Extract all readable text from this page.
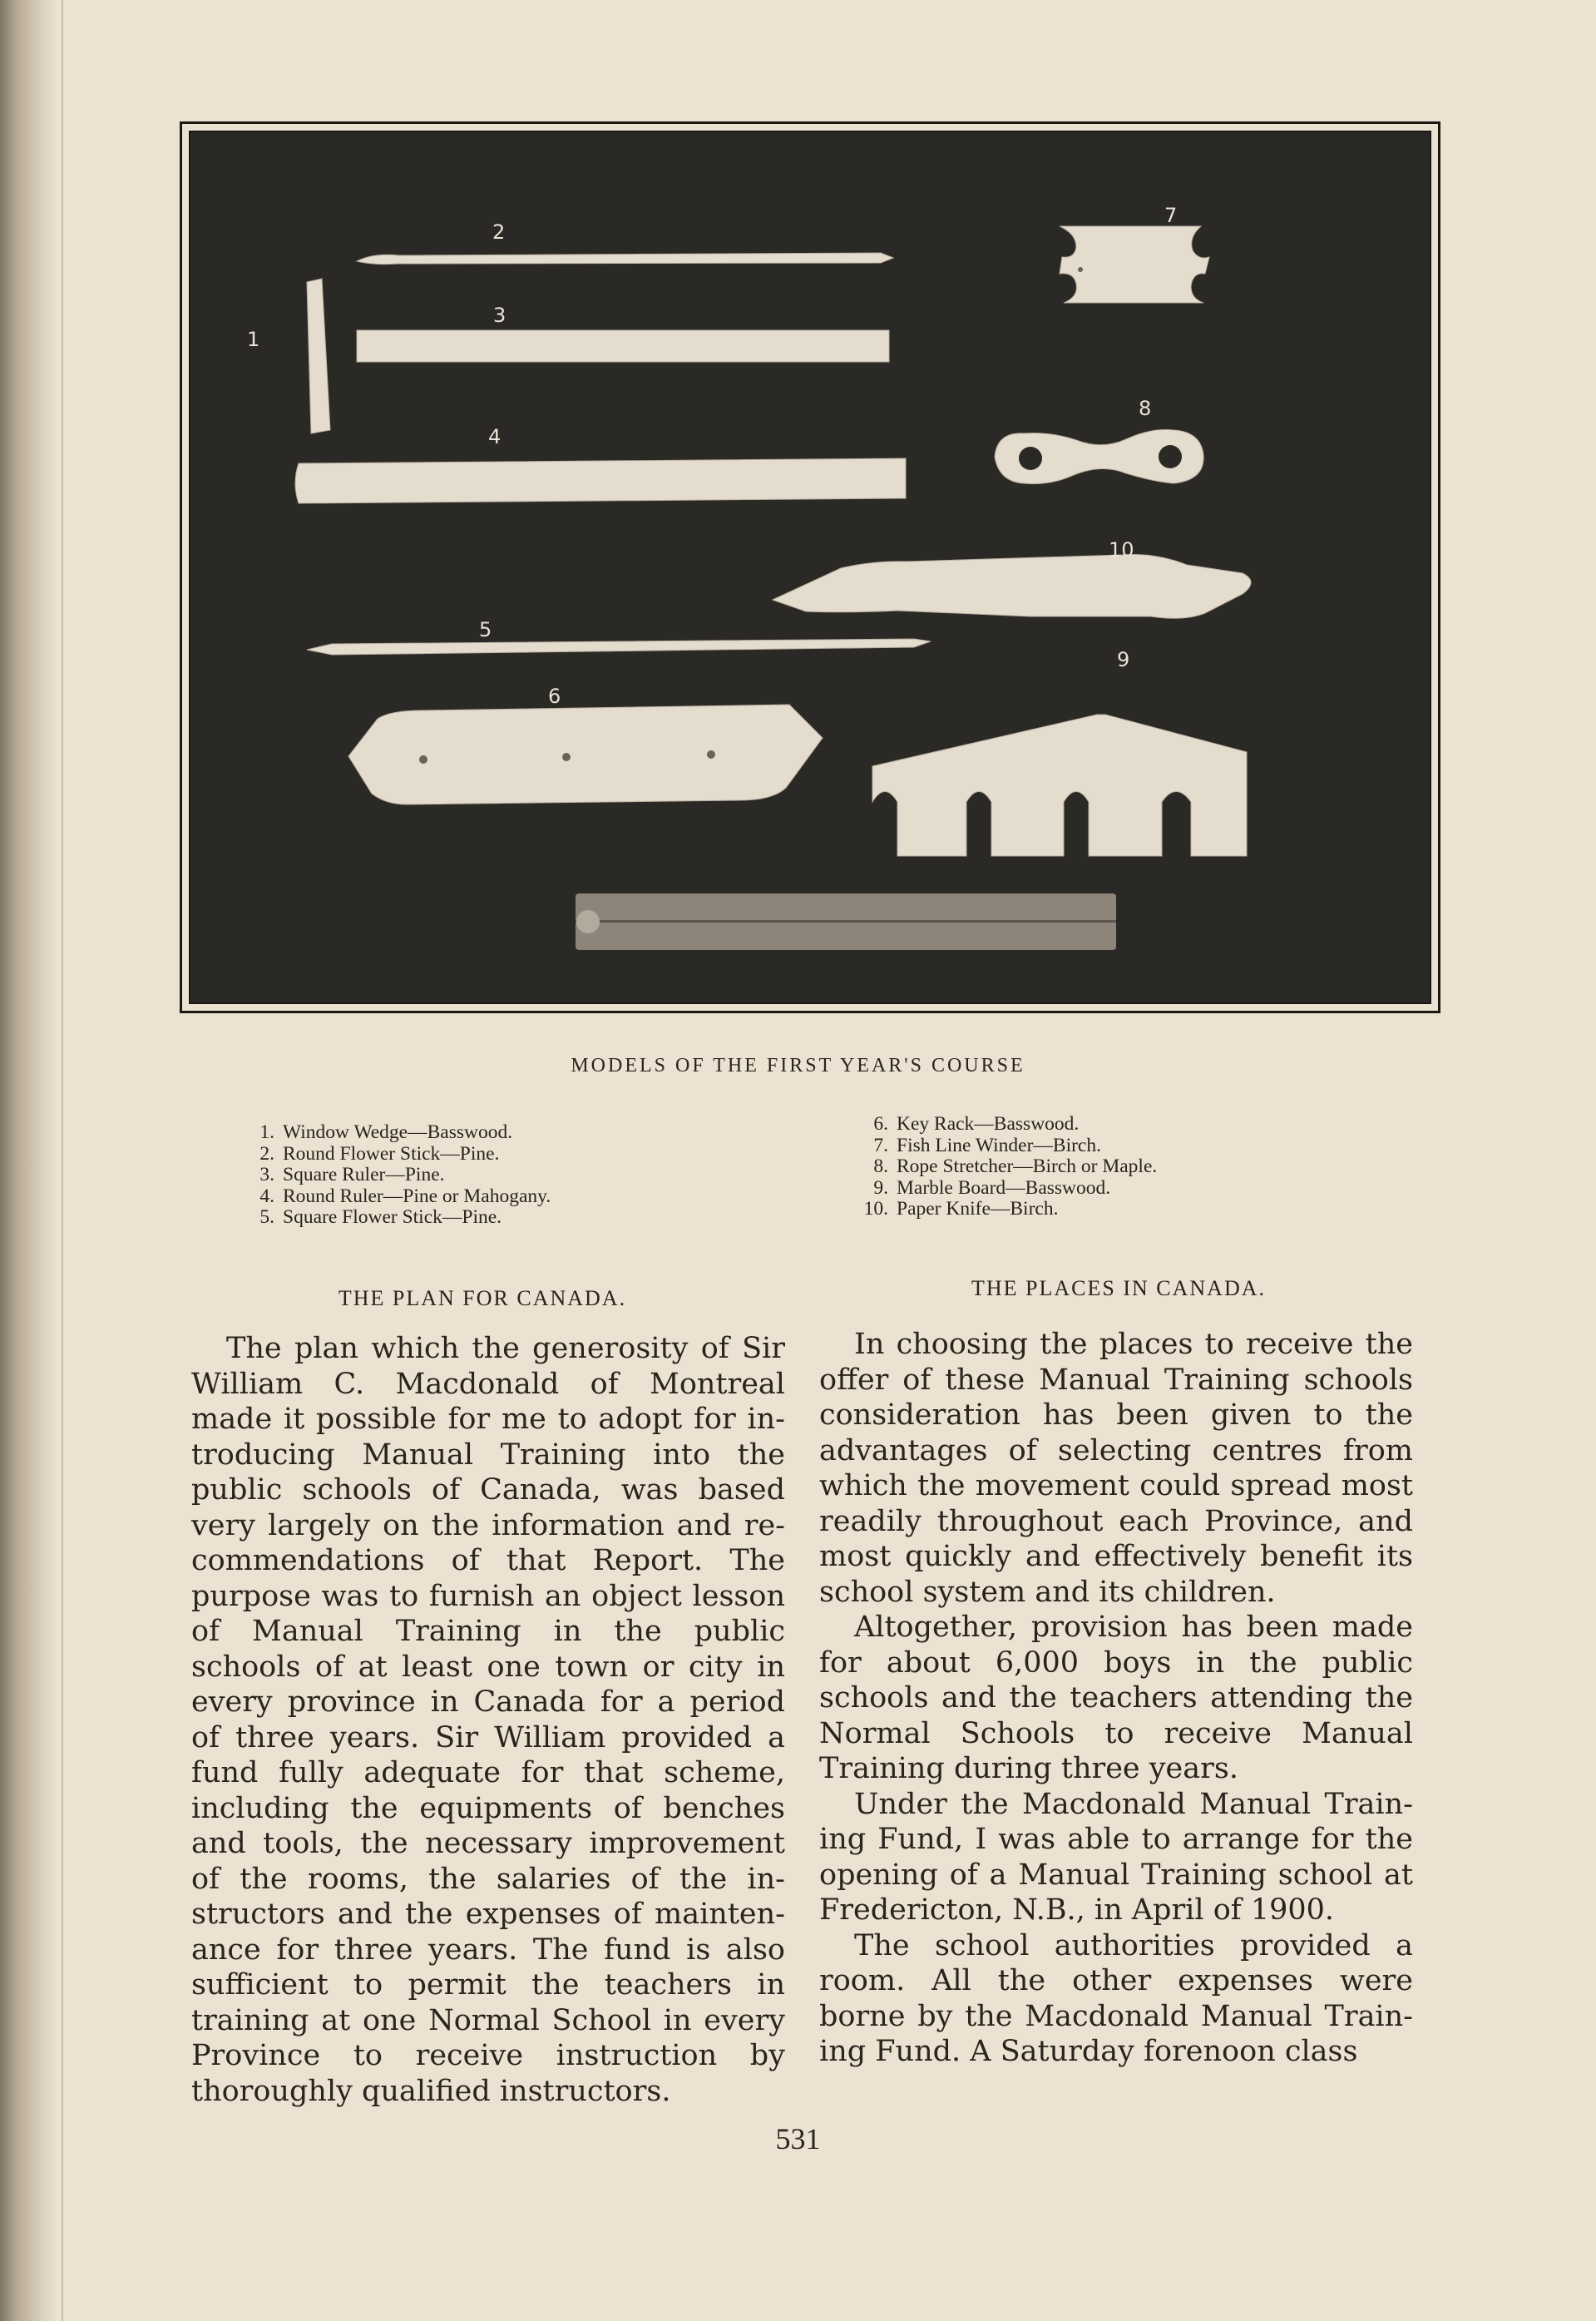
1
2
3
4
5
6
7
8
9
10
MODELS OF THE FIRST YEAR'S COURSE
1. Window Wedge—Basswood.
2. Round Flower Stick—Pine.
3. Square Ruler—Pine.
4. Round Ruler—Pine or Mahogany.
5. Square Flower Stick—Pine.
6. Key Rack—Basswood.
7. Fish Line Winder—Birch.
8. Rope Stretcher—Birch or Maple.
9. Marble Board—Basswood.
10. Paper Knife—Birch.
THE PLAN FOR CANADA.	THE PLACES IN CANADA.

The plan which the generosity of Sir William C. Macdonald of Montreal made it possible for me to adopt for introducing Manual Training into the public schools of Canada, was based very largely on the information and recommendations of that Report. The purpose was to furnish an object lesson of Manual Training in the public schools of at least one town or city in every province in Canada for a period of three years. Sir William provided a fund fully adequate for that scheme, including the equipments of benches and tools, the necessary improvement of the rooms, the salaries of the instructors and the expenses of maintenance for three years. The fund is also sufficient to permit the teachers in training at one Normal School in every Province to receive instruction by thoroughly qualified instructors.

In choosing the places to receive the offer of these Manual Training schools consideration has been given to the advantages of selecting centres from which the movement could spread most readily throughout each Province, and most quickly and effectively benefit its school system and its children.

Altogether, provision has been made for about 6,000 boys in the public schools and the teachers attending the Normal Schools to receive Manual Training during three years.

Under the Macdonald Manual Training Fund, I was able to arrange for the opening of a Manual Training school at Fredericton, N.B., in April of 1900.

The school authorities provided a room. All the other expenses were borne by the Macdonald Manual Training Fund. A Saturday forenoon class

531
